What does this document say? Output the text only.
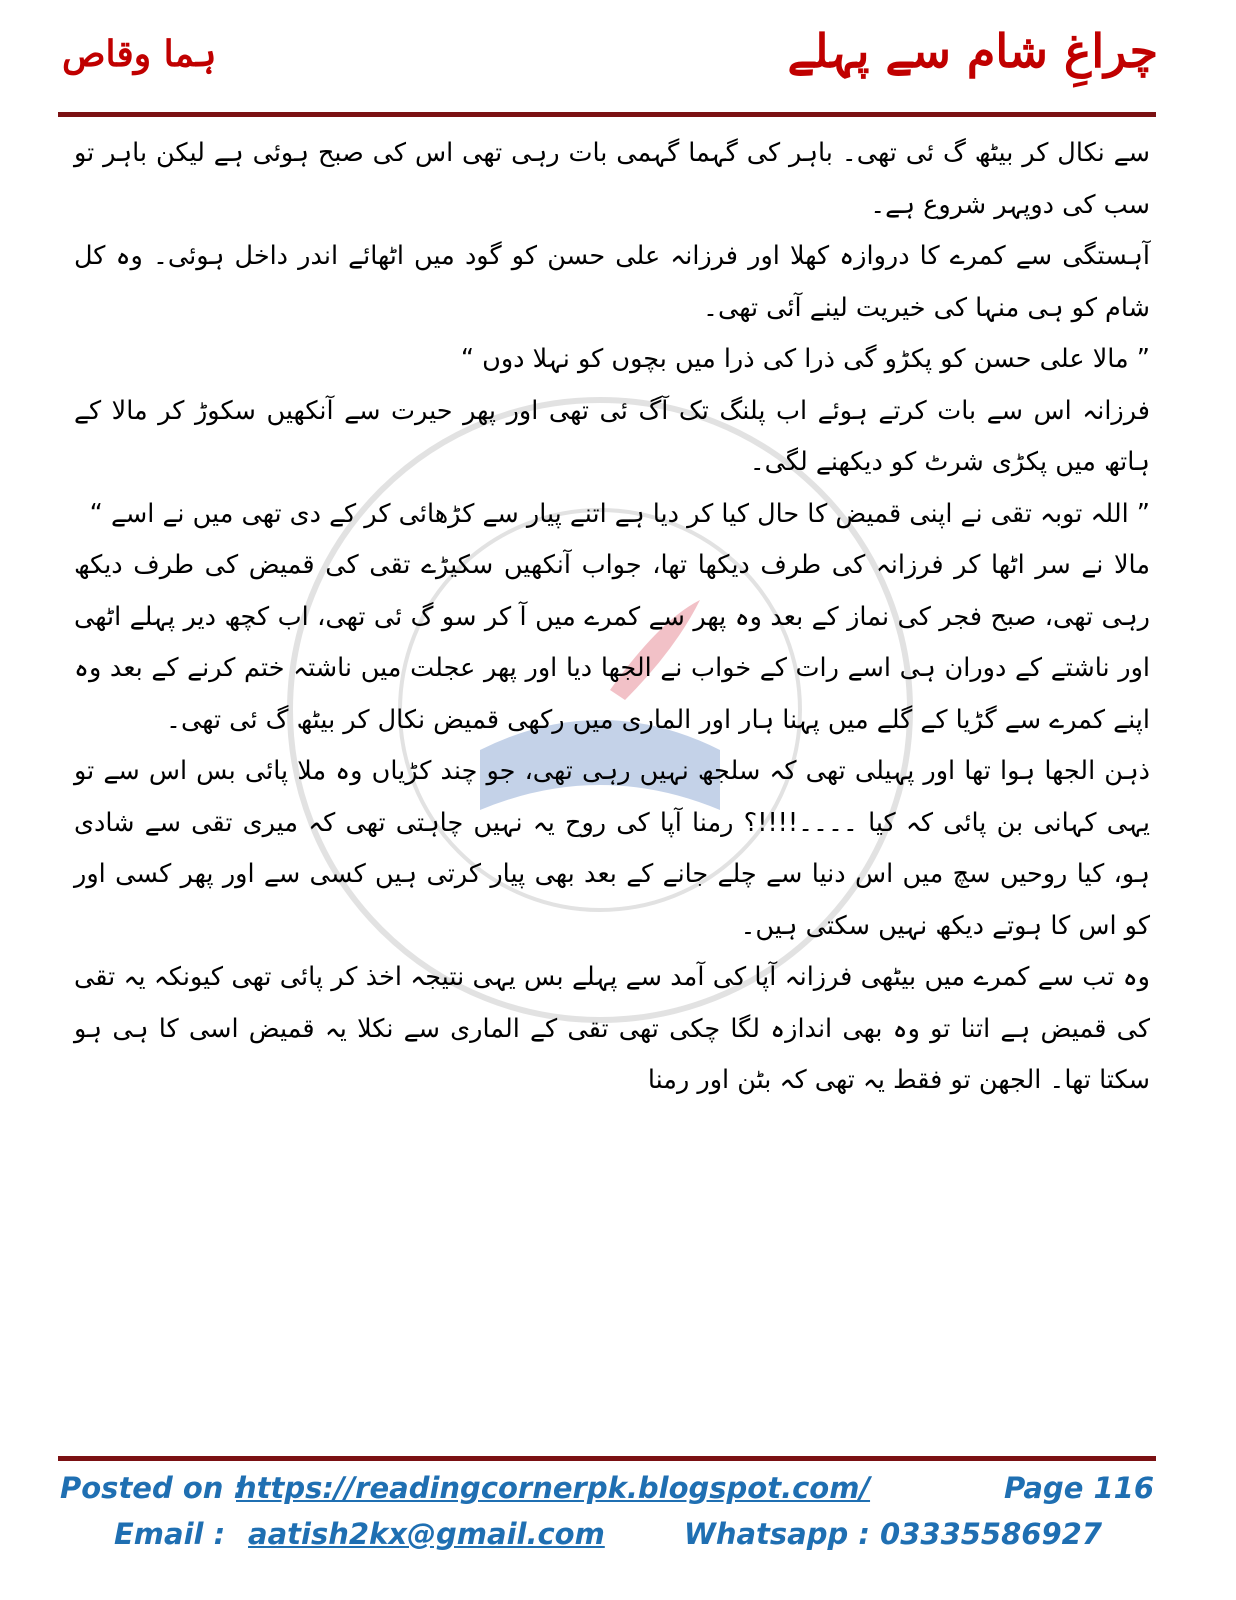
چراغِ شام سے پہلے
ہما وقاص

سے نکال کر بیٹھ گ ئی تھی۔ باہر کی گہما گہمی بات رہی تھی اس کی صبح ہوئی ہے لیکن باہر تو سب کی دوپہر شروع ہے۔

آہستگی سے کمرے کا دروازہ کھلا اور فرزانہ علی حسن کو گود میں اٹھائے اندر داخل ہوئی۔ وہ کل شام کو ہی منہا کی خیریت لینے آئی تھی۔

” مالا علی حسن کو پکڑو گی ذرا کی ذرا میں بچوں کو نہلا دوں “

فرزانہ اس سے بات کرتے ہوئے اب پلنگ تک آگ ئی تھی اور پھر حیرت سے آنکھیں سکوڑ کر مالا کے ہاتھ میں پکڑی شرٹ کو دیکھنے لگی۔

” اللہ توبہ تقی نے اپنی قمیض کا حال کیا کر دیا ہے اتنے پیار سے کڑھائی کر کے دی تھی میں نے اسے “

مالا نے سر اٹھا کر فرزانہ کی طرف دیکھا تھا، جواب آنکھیں سکیڑے تقی کی قمیض کی طرف دیکھ رہی تھی، صبح فجر کی نماز کے بعد وہ پھر سے کمرے میں آ کر سو گ ئی تھی، اب کچھ دیر پہلے اٹھی اور ناشتے کے دوران ہی اسے رات کے خواب نے الجھا دیا اور پھر عجلت میں ناشتہ ختم کرنے کے بعد وہ اپنے کمرے سے گڑیا کے گلے میں پہنا ہار اور الماری میں رکھی قمیض نکال کر بیٹھ گ ئی تھی۔

ذہن الجھا ہوا تھا اور پہیلی تھی کہ سلجھ نہیں رہی تھی، جو چند کڑیاں وہ ملا پائی بس اس سے تو یہی کہانی بن پائی کہ کیا ۔۔۔۔!!!!؟ رمنا آپا کی روح یہ نہیں چاہتی تھی کہ میری تقی سے شادی ہو، کیا روحیں سچ میں اس دنیا سے چلے جانے کے بعد بھی پیار کرتی ہیں کسی سے اور پھر کسی اور کو اس کا ہوتے دیکھ نہیں سکتی ہیں۔

وہ تب سے کمرے میں بیٹھی فرزانہ آپا کی آمد سے پہلے بس یہی نتیجہ اخذ کر پائی تھی کیونکہ یہ تقی کی قمیض ہے اتنا تو وہ بھی اندازہ لگا چکی تھی تقی کے الماری سے نکلا یہ قمیض اسی کا ہی ہو سکتا تھا۔ الجھن تو فقط یہ تھی کہ بٹن اور رمنا

Posted on :
https://readingcornerpk.blogspot.com/	Page 116
Email : aatish2kx@gmail.com	Whatsapp : 03335586927
